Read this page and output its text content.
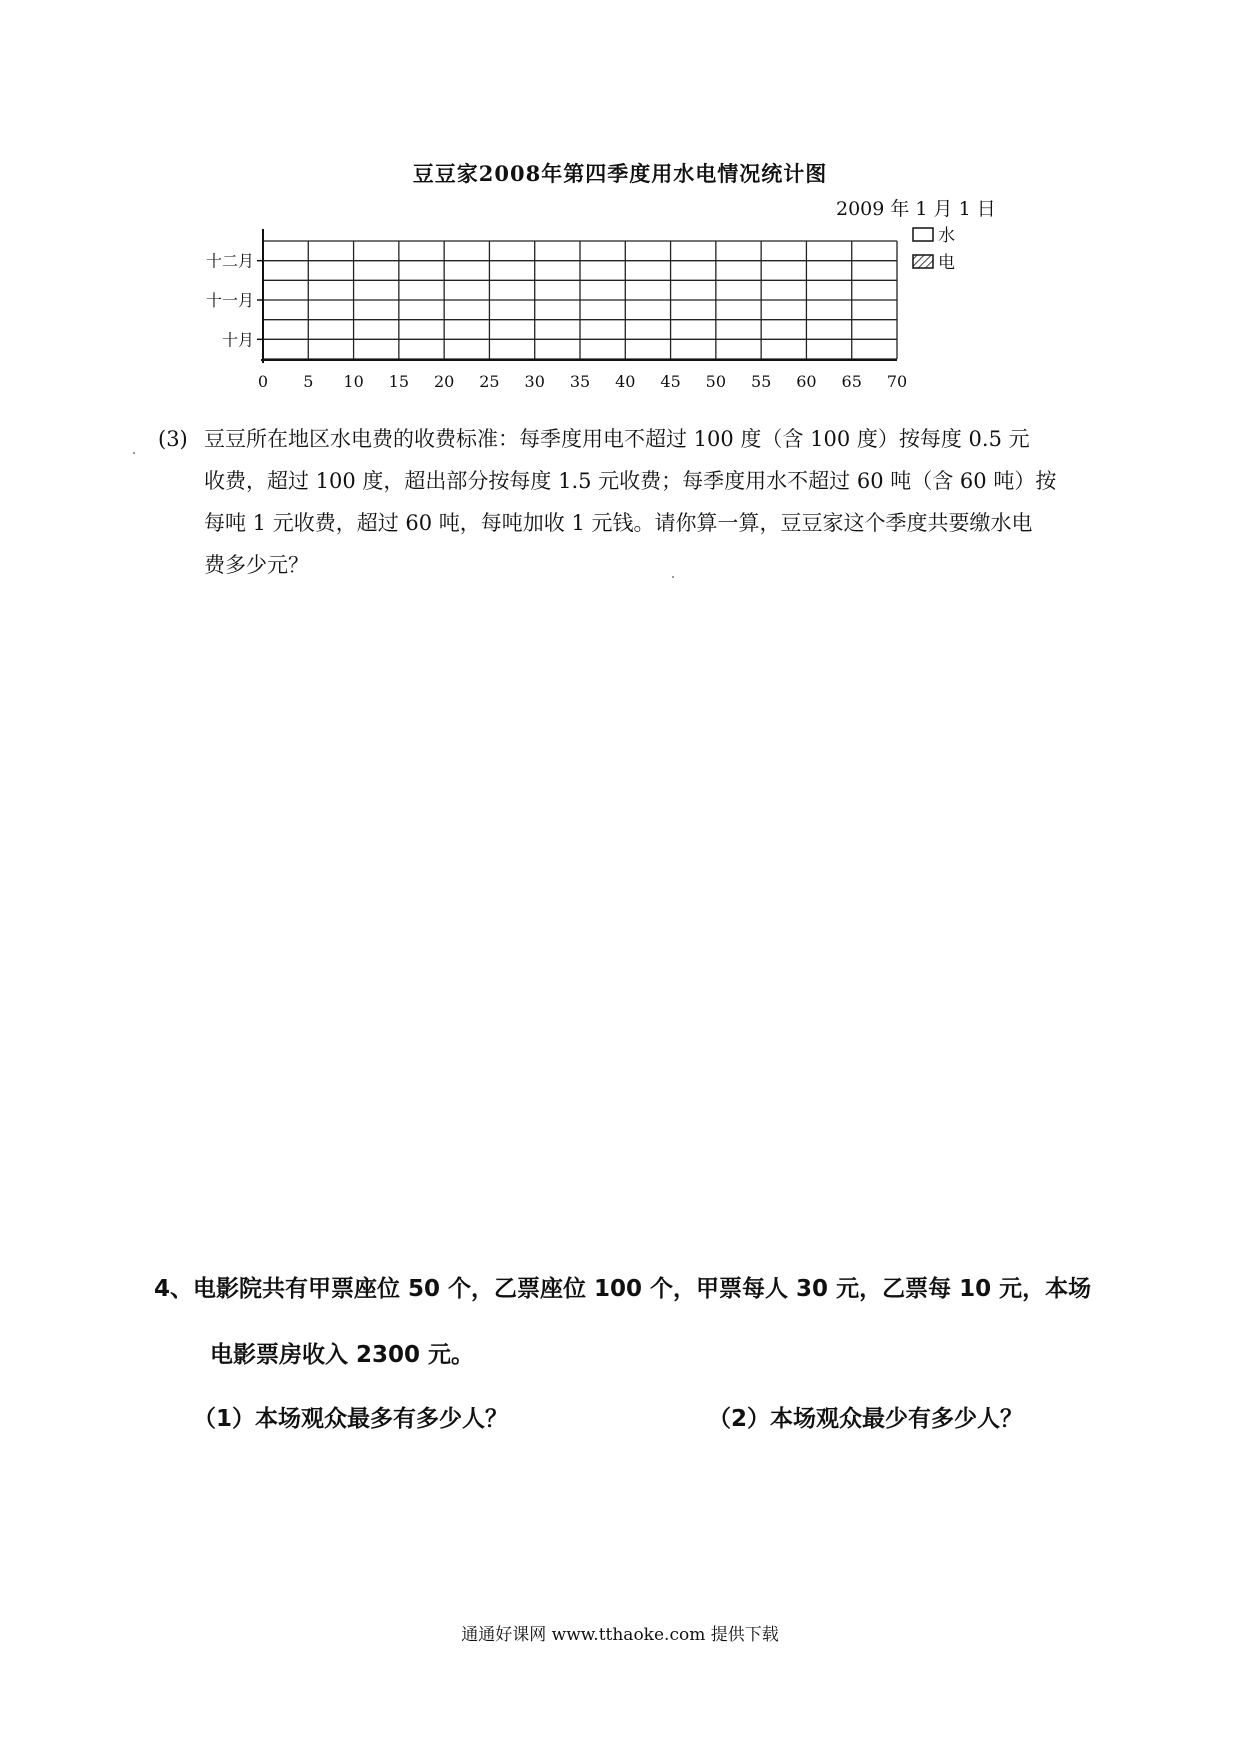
豆豆家2008年第四季度用水电情况统计图
2009 年 1 月 1 日
0 5 10 15 20 25 30 35 40 45 50 55 60 65 70
十月
十一月
十二月
水
电
(3) 豆豆所在地区水电费的收费标准：每季度用电不超过 100 度（含 100 度）按每度 0.5 元
收费，超过 100 度，超出部分按每度 1.5 元收费；每季度用水不超过 60 吨（含 60 吨）按
每吨 1 元收费，超过 60 吨，每吨加收 1 元钱。请你算一算，豆豆家这个季度共要缴水电
费多少元？
4、电影院共有甲票座位 50 个，乙票座位 100 个，甲票每人 30 元，乙票每 10 元，本场
电影票房收入 2300 元。
（1）本场观众最多有多少人？	（2）本场观众最少有多少人？
通通好课网 www.tthaoke.com 提供下载
